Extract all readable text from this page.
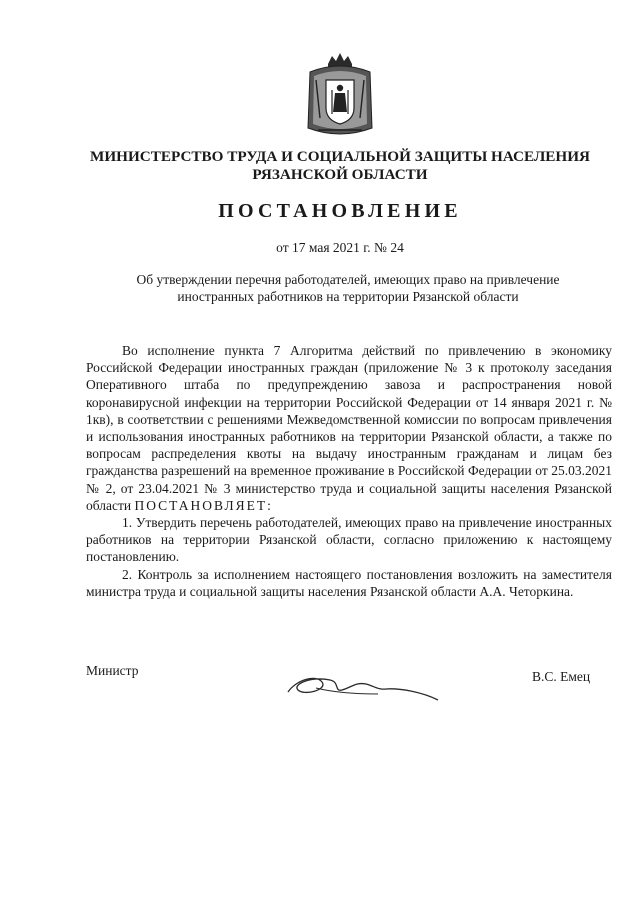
МИНИСТЕРСТВО ТРУДА И СОЦИАЛЬНОЙ ЗАЩИТЫ НАСЕЛЕНИЯ
РЯЗАНСКОЙ ОБЛАСТИ
ПОСТАНОВЛЕНИЕ
от 17 мая 2021 г. № 24
Об утверждении перечня работодателей, имеющих право на привлечение
иностранных работников на территории Рязанской области

Во исполнение пункта 7 Алгоритма действий по привлечению в экономику Российской Федерации иностранных граждан (приложение № 3 к протоколу заседания Оперативного штаба по предупреждению завоза и распространения новой коронавирусной инфекции на территории Российской Федерации от 14 января 2021 г. № 1кв), в соответствии с решениями Межведомственной комиссии по вопросам привлечения и использования иностранных работников на территории Рязанской области, а также по вопросам распределения квоты на выдачу иностранным гражданам и лицам без гражданства разрешений на временное проживание в Российской Федерации от 25.03.2021 № 2, от 23.04.2021 № 3 министерство труда и социальной защиты населения Рязанской области ПОСТАНОВЛЯЕТ:

1. Утвердить перечень работодателей, имеющих право на привлечение иностранных работников на территории Рязанской области, согласно приложению к настоящему постановлению.

2. Контроль за исполнением настоящего постановления возложить на заместителя министра труда и социальной защиты населения Рязанской области А.А. Четоркина.

Министр	В.С. Емец
